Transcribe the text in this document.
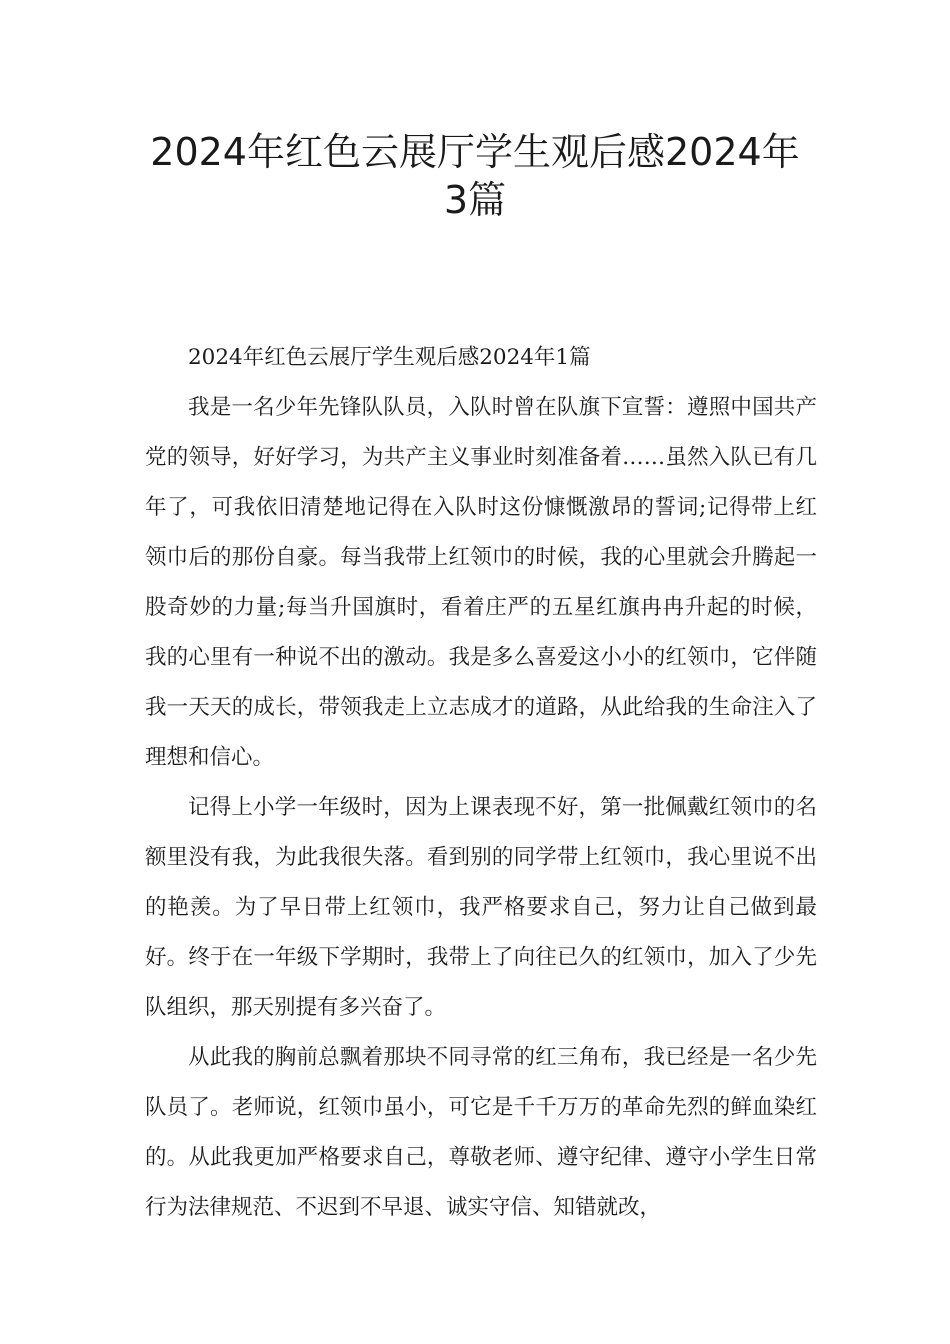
2024年红色云展厅学生观后感2024年3篇

2024年红色云展厅学生观后感2024年1篇

我是一名少年先锋队队员，入队时曾在队旗下宣誓：遵照中国共产党的领导，好好学习，为共产主义事业时刻准备着……虽然入队已有几年了，可我依旧清楚地记得在入队时这份慷慨激昂的誓词;记得带上红领巾后的那份自豪。每当我带上红领巾的时候，我的心里就会升腾起一股奇妙的力量;每当升国旗时，看着庄严的五星红旗冉冉升起的时候，我的心里有一种说不出的激动。我是多么喜爱这小小的红领巾，它伴随我一天天的成长，带领我走上立志成才的道路，从此给我的生命注入了理想和信心。

记得上小学一年级时，因为上课表现不好，第一批佩戴红领巾的名额里没有我，为此我很失落。看到别的同学带上红领巾，我心里说不出的艳羡。为了早日带上红领巾，我严格要求自己，努力让自己做到最好。终于在一年级下学期时，我带上了向往已久的红领巾，加入了少先队组织，那天别提有多兴奋了。

从此我的胸前总飘着那块不同寻常的红三角布，我已经是一名少先队员了。老师说，红领巾虽小，可它是千千万万的革命先烈的鲜血染红的。从此我更加严格要求自己，尊敬老师、遵守纪律、遵守小学生日常行为法律规范、不迟到不早退、诚实守信、知错就改，
